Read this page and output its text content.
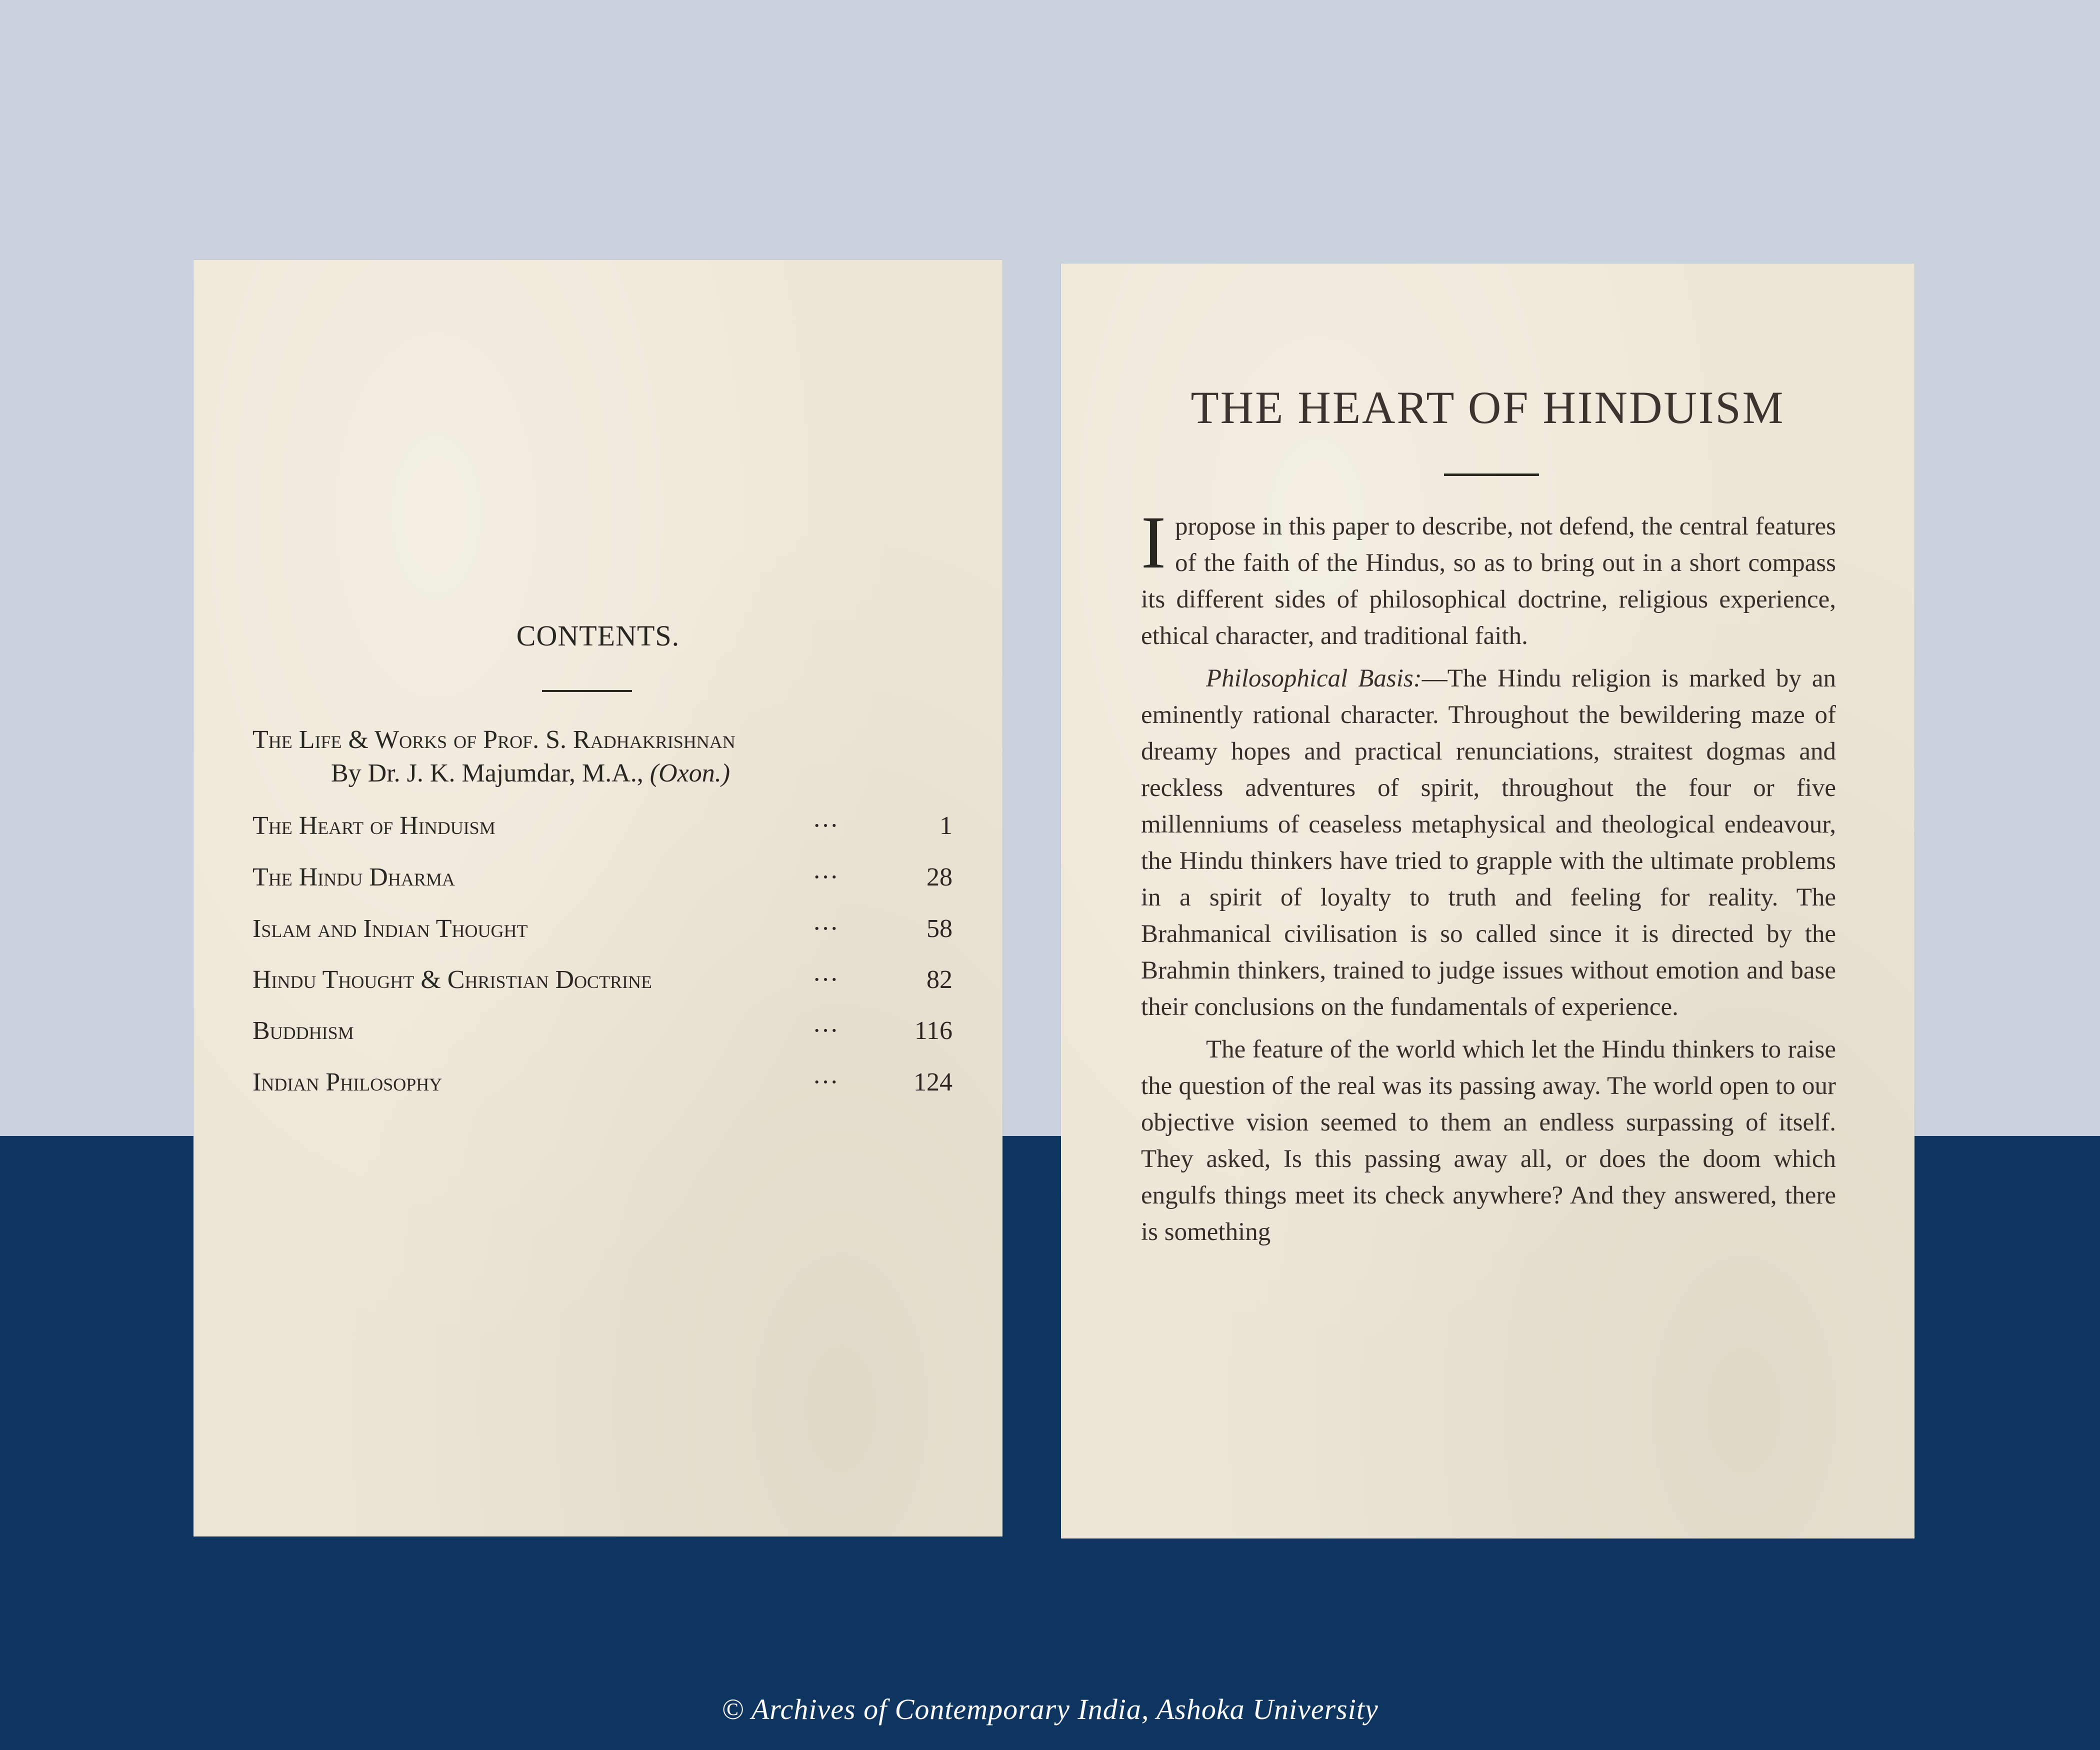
CONTENTS.
The Life & Works of Prof. S. Radhakrishnan
By Dr. J. K. Majumdar, M.A., (Oxon.)
The Heart of Hinduism	···	1
The Hindu Dharma	···	28
Islam and Indian Thought	···	58
Hindu Thought & Christian Doctrine	···	82
Buddhism	···	116
Indian Philosophy	···	124
THE HEART OF HINDUISM

Ipropose in this paper to describe, not defend, the central features of the faith of the Hindus, so as to bring out in a short compass its different sides of philosophical doctrine, religious experience, ethical character, and traditional faith.

Philosophical Basis:—The Hindu religion is marked by an eminently rational character. Throughout the bewildering maze of dreamy hopes and practical renunciations, straitest dogmas and reckless adventures of spirit, throughout the four or five millenniums of ceaseless metaphysical and theological endeavour, the Hindu thinkers have tried to grapple with the ultimate problems in a spirit of loyalty to truth and feeling for reality. The Brahmanical civilisation is so called since it is directed by the Brahmin thinkers, trained to judge issues without emotion and base their conclusions on the fundamentals of experience.

The feature of the world which let the Hindu thinkers to raise the question of the real was its passing away. The world open to our objective vision seemed to them an endless surpassing of itself. They asked, Is this passing away all, or does the doom which engulfs things meet its check anywhere? And they answered, there is something

© Archives of Contemporary India, Ashoka University
